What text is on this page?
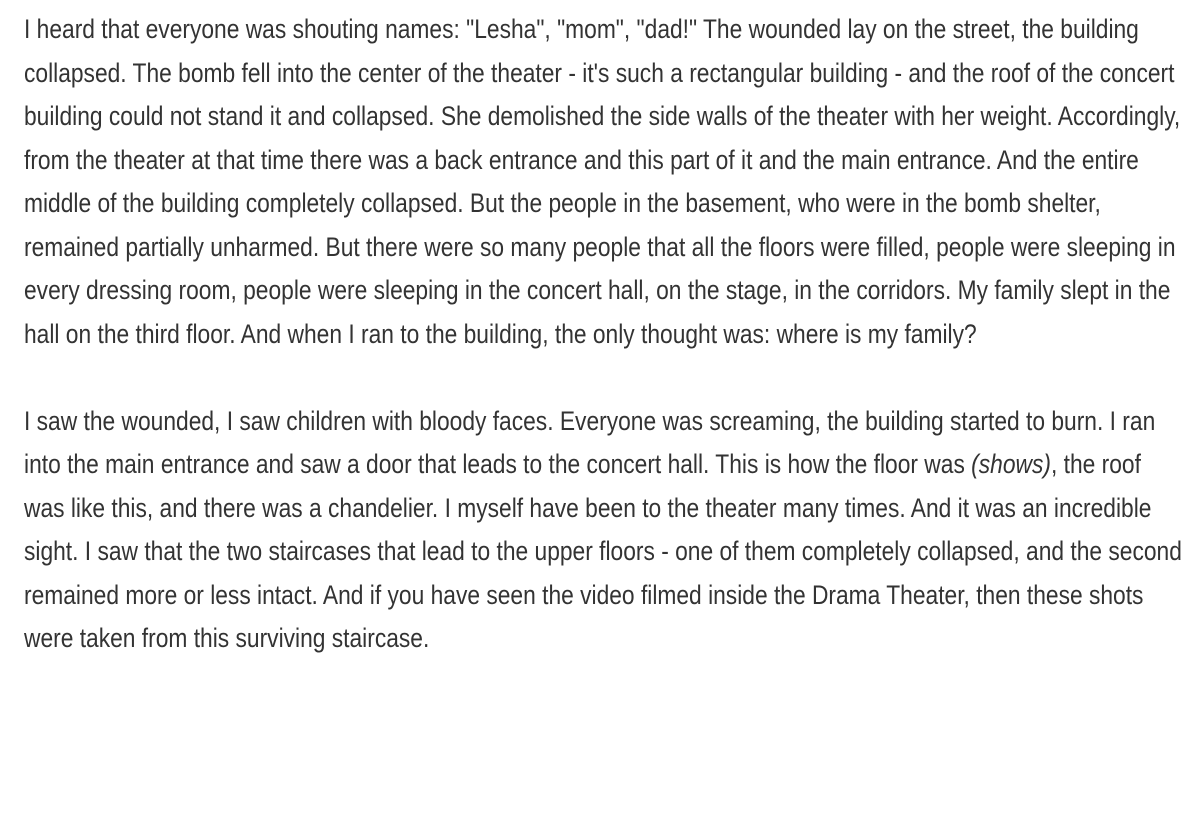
I heard that everyone was shouting names: "Lesha", "mom", "dad!" The wounded lay on the street, the building collapsed. The bomb fell into the center of the theater - it's such a rectangular building - and the roof of the concert building could not stand it and collapsed. She demolished the side walls of the theater with her weight. Accordingly, from the theater at that time there was a back entrance and this part of it and the main entrance. And the entire middle of the building completely collapsed. But the people in the basement, who were in the bomb shelter, remained partially unharmed. But there were so many people that all the floors were filled, people were sleeping in every dressing room, people were sleeping in the concert hall, on the stage, in the corridors. My family slept in the hall on the third floor. And when I ran to the building, the only thought was: where is my family?

I saw the wounded, I saw children with bloody faces. Everyone was screaming, the building started to burn. I ran into the main entrance and saw a door that leads to the concert hall. This is how the floor was (shows), the roof was like this, and there was a chandelier. I myself have been to the theater many times. And it was an incredible sight. I saw that the two staircases that lead to the upper floors - one of them completely collapsed, and the second remained more or less intact. And if you have seen the video filmed inside the Drama Theater, then these shots were taken from this surviving staircase.
